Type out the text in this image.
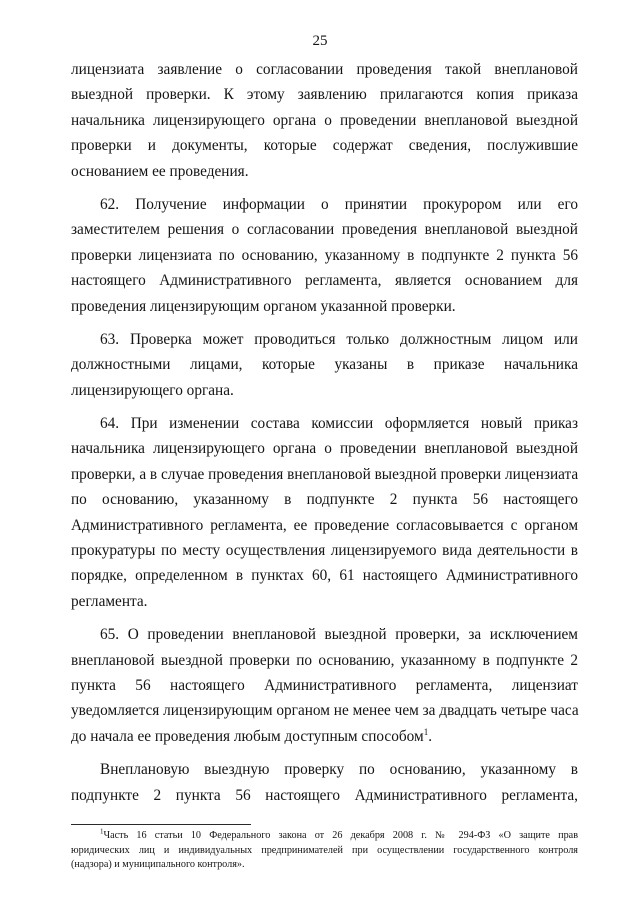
25
лицензиата заявление о согласовании проведения такой внеплановой
выездной проверки. К этому заявлению прилагаются копия приказа
начальника лицензирующего органа о проведении внеплановой выездной
проверки и документы, которые содержат сведения, послужившие
основанием ее проведения.
62. Получение информации о принятии прокурором или его
заместителем решения о согласовании проведения внеплановой выездной
проверки лицензиата по основанию, указанному в подпункте 2 пункта 56
настоящего Административного регламента, является основанием для
проведения лицензирующим органом указанной проверки.
63. Проверка может проводиться только должностным лицом или
должностными лицами, которые указаны в приказе начальника
лицензирующего органа.
64. При изменении состава комиссии оформляется новый приказ
начальника лицензирующего органа о проведении внеплановой выездной
проверки, а в случае проведения внеплановой выездной проверки лицензиата
по основанию, указанному в подпункте 2 пункта 56 настоящего
Административного регламента, ее проведение согласовывается с органом
прокуратуры по месту осуществления лицензируемого вида деятельности в
порядке, определенном в пунктах 60, 61 настоящего Административного
регламента.
65. О проведении внеплановой выездной проверки, за исключением
внеплановой выездной проверки по основанию, указанному в подпункте 2
пункта 56 настоящего Административного регламента, лицензиат
уведомляется лицензирующим органом не менее чем за двадцать четыре часа
до начала ее проведения любым доступным способом$^1$.
Внеплановую выездную проверку по основанию, указанному в
подпункте 2 пункта 56 настоящего Административного регламента,
$^1$Часть 16 статьи 10 Федерального закона от 26 декабря 2008 г. № 294-ФЗ «О защите прав
юридических лиц и индивидуальных предпринимателей при осуществлении государственного контроля
(надзора) и муниципального контроля».
